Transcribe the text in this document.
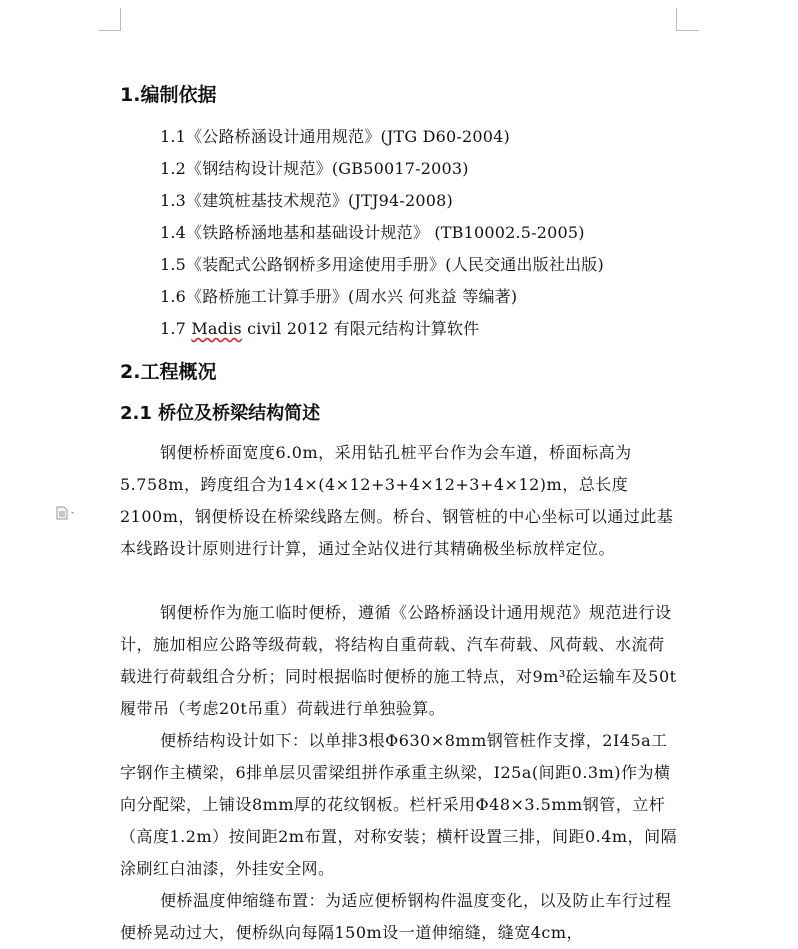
1.编制依据
1.1《公路桥涵设计通用规范》(JTG D60-2004)
1.2《钢结构设计规范》(GB50017-2003)
1.3《建筑桩基技术规范》(JTJ94-2008)
1.4《铁路桥涵地基和基础设计规范》 (TB10002.5-2005)
1.5《装配式公路钢桥多用途使用手册》(人民交通出版社出版)
1.6《路桥施工计算手册》(周水兴 何兆益 等编著)
1.7 Madis civil 2012 有限元结构计算软件
2.工程概况
2.1 桥位及桥梁结构简述
钢便桥桥面宽度6.0m，采用钻孔桩平台作为会车道，桥面标高为5.758m，跨度组合为14×(4×12+3+4×12+3+4×12)m，总长度2100m，钢便桥设在桥梁线路左侧。桥台、钢管桩的中心坐标可以通过此基本线路设计原则进行计算，通过全站仪进行其精确极坐标放样定位。
钢便桥作为施工临时便桥，遵循《公路桥涵设计通用规范》规范进行设计，施加相应公路等级荷载，将结构自重荷载、汽车荷载、风荷载、水流荷载进行荷载组合分析；同时根据临时便桥的施工特点，对9m³砼运输车及50t履带吊（考虑20t吊重）荷载进行单独验算。
便桥结构设计如下：以单排3根Φ630×8mm钢管桩作支撑，2I45a工字钢作主横梁，6排单层贝雷梁组拼作承重主纵梁，I25a(间距0.3m)作为横向分配梁，上铺设8mm厚的花纹钢板。栏杆采用Φ48×3.5mm钢管，立杆（高度1.2m）按间距2m布置，对称安装；横杆设置三排，间距0.4m，间隔涂刷红白油漆，外挂安全网。
便桥温度伸缩缝布置：为适应便桥钢构件温度变化，以及防止车行过程便桥晃动过大，便桥纵向每隔150m设一道伸缩缝，缝宽4cm，
